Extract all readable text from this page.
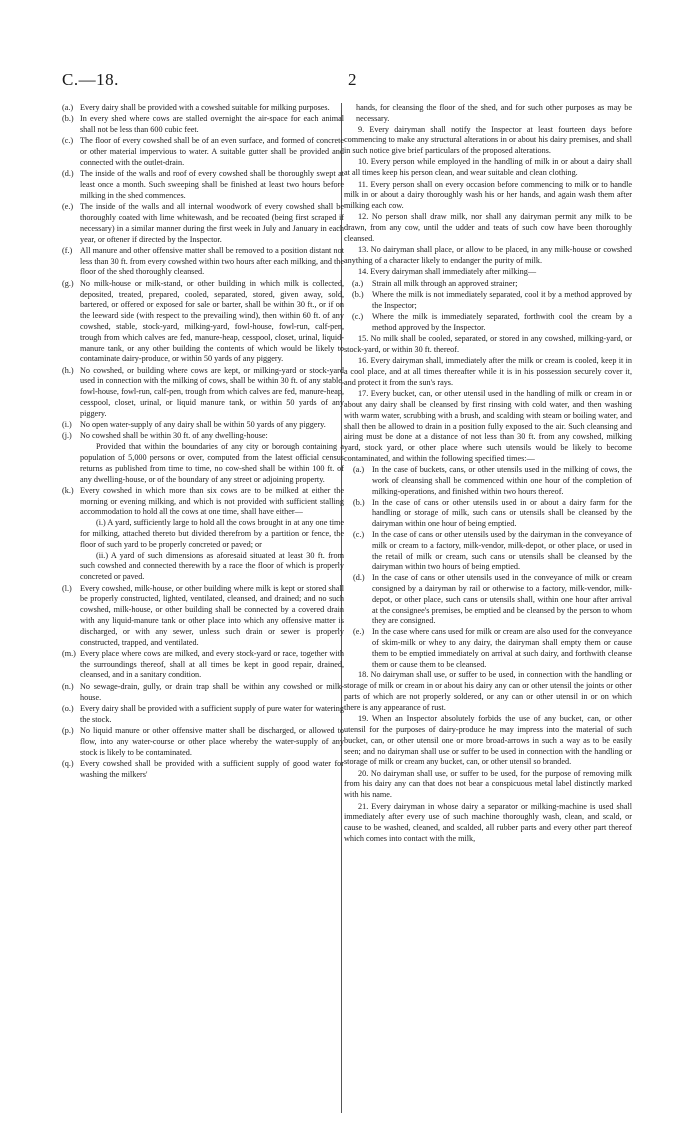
C.—18.	2
(a.) Every dairy shall be provided with a cowshed suitable for milking purposes.
(b.) In every shed where cows are stalled overnight the air-space for each animal shall not be less than 600 cubic feet.
(c.) The floor of every cowshed shall be of an even surface, and formed of concrete or other material impervious to water. A suitable gutter shall be provided and connected with the outlet-drain.
(d.) The inside of the walls and roof of every cowshed shall be thoroughly swept at least once a month. Such sweeping shall be finished at least two hours before milking in the shed commences.
(e.) The inside of the walls and all internal woodwork of every cowshed shall be thoroughly coated with lime whitewash, and be recoated (being first scraped if necessary) in a similar manner during the first week in July and January in each year, or oftener if directed by the Inspector.
(f.) All manure and other offensive matter shall be removed to a position distant not less than 30 ft. from every cowshed within two hours after each milking, and the floor of the shed thoroughly cleansed.
(g.) No milk-house or milk-stand, or other building in which milk is collected, deposited, treated, prepared, cooled, separated, stored, given away, sold, bartered, or offered or exposed for sale or barter, shall be within 30 ft., or if on the leeward side (with respect to the prevailing wind), then within 60 ft. of any cowshed, stable, stock-yard, milking-yard, fowl-house, fowl-run, calf-pen, trough from which calves are fed, manure-heap, cesspool, closet, urinal, liquid-manure tank, or any other building the contents of which would be likely to contaminate dairy-produce, or within 50 yards of any piggery.
(h.) No cowshed, or building where cows are kept, or milking-yard or stock-yard used in connection with the milking of cows, shall be within 30 ft. of any stable, fowl-house, fowl-run, calf-pen, trough from which calves are fed, manure-heap, cesspool, closet, urinal, or liquid manure tank, or within 50 yards of any piggery.
(i.) No open water-supply of any dairy shall be within 50 yards of any piggery.
(j.) No cowshed shall be within 30 ft. of any dwelling-house:
Provided that within the boundaries of any city or borough containing a population of 5,000 persons or over, computed from the latest official census returns as published from time to time, no cow-shed shall be within 100 ft. of any dwelling-house, or of the boundary of any street or adjoining property.
(k.) Every cowshed in which more than six cows are to be milked at either the morning or evening milking, and which is not provided with sufficient stalling accommodation to hold all the cows at one time, shall have either—
(i.) A yard, sufficiently large to hold all the cows brought in at any one time for milking, attached thereto but divided therefrom by a partition or fence, the floor of such yard to be properly concreted or paved; or
(ii.) A yard of such dimensions as aforesaid situated at least 30 ft. from such cowshed and connected therewith by a race the floor of which is properly concreted or paved.
(l.) Every cowshed, milk-house, or other building where milk is kept or stored shall be properly constructed, lighted, ventilated, cleansed, and drained; and no such cowshed, milk-house, or other building shall be connected by a covered drain with any liquid-manure tank or other place into which any offensive matter is discharged, or with any sewer, unless such drain or sewer is properly constructed, trapped, and ventilated.
(m.) Every place where cows are milked, and every stock-yard or race, together with the surroundings thereof, shall at all times be kept in good repair, drained, cleansed, and in a sanitary condition.
(n.) No sewage-drain, gully, or drain trap shall be within any cowshed or milk-house.
(o.) Every dairy shall be provided with a sufficient supply of pure water for watering the stock.
(p.) No liquid manure or other offensive matter shall be discharged, or allowed to flow, into any water-course or other place whereby the water-supply of any stock is likely to be contaminated.
(q.) Every cowshed shall be provided with a sufficient supply of good water for washing the milkers'
hands, for cleansing the floor of the shed, and for such other purposes as may be necessary.
9. Every dairyman shall notify the Inspector at least fourteen days before commencing to make any structural alterations in or about his dairy premises, and shall in such notice give brief particulars of the proposed alterations.
10. Every person while employed in the handling of milk in or about a dairy shall at all times keep his person clean, and wear suitable and clean clothing.
11. Every person shall on every occasion before commencing to milk or to handle milk in or about a dairy thoroughly wash his or her hands, and again wash them after milking each cow.
12. No person shall draw milk, nor shall any dairyman permit any milk to be drawn, from any cow, until the udder and teats of such cow have been thoroughly cleansed.
13. No dairyman shall place, or allow to be placed, in any milk-house or cowshed anything of a character likely to endanger the purity of milk.
14. Every dairyman shall immediately after milking—
(a.) Strain all milk through an approved strainer;
(b.) Where the milk is not immediately separated, cool it by a method approved by the Inspector;
(c.) Where the milk is immediately separated, forthwith cool the cream by a method approved by the Inspector.
15. No milk shall be cooled, separated, or stored in any cowshed, milking-yard, or stock-yard, or within 30 ft. thereof.
16. Every dairyman shall, immediately after the milk or cream is cooled, keep it in a cool place, and at all times thereafter while it is in his possession securely cover it, and protect it from the sun's rays.
17. Every bucket, can, or other utensil used in the handling of milk or cream in or about any dairy shall be cleansed by first rinsing with cold water, and then washing with warm water, scrubbing with a brush, and scalding with steam or boiling water, and shall then be allowed to drain in a position fully exposed to the air. Such cleansing and airing must be done at a distance of not less than 30 ft. from any cowshed, milking yard, stock yard, or other place where such utensils would be likely to become contaminated, and within the following specified times:—
(a.) In the case of buckets, cans, or other utensils used in the milking of cows, the work of cleansing shall be commenced within one hour of the completion of milking-operations, and finished within two hours thereof.
(b.) In the case of cans or other utensils used in or about a dairy farm for the handling or storage of milk, such cans or utensils shall be cleansed by the dairyman within one hour of being emptied.
(c.) In the case of cans or other utensils used by the dairyman in the conveyance of milk or cream to a factory, milk-vendor, milk-depot, or other place, or used in the retail of milk or cream, such cans or utensils shall be cleansed by the dairyman within two hours of being emptied.
(d.) In the case of cans or other utensils used in the conveyance of milk or cream consigned by a dairyman by rail or otherwise to a factory, milk-vendor, milk-depot, or other place, such cans or utensils shall, within one hour after arrival at the consignee's premises, be emptied and be cleansed by the person to whom they are consigned.
(e.) In the case where cans used for milk or cream are also used for the conveyance of skim-milk or whey to any dairy, the dairyman shall empty them or cause them to be emptied immediately on arrival at such dairy, and forthwith cleanse them or cause them to be cleansed.
18. No dairyman shall use, or suffer to be used, in connection with the handling or storage of milk or cream in or about his dairy any can or other utensil the joints or other parts of which are not properly soldered, or any can or other utensil in or on which there is any appearance of rust.
19. When an Inspector absolutely forbids the use of any bucket, can, or other utensil for the purposes of dairy-produce he may impress into the material of such bucket, can, or other utensil one or more broad-arrows in such a way as to be easily seen; and no dairyman shall use or suffer to be used in connection with the handling or storage of milk or cream any bucket, can, or other utensil so branded.
20. No dairyman shall use, or suffer to be used, for the purpose of removing milk from his dairy any can that does not bear a conspicuous metal label distinctly marked with his name.
21. Every dairyman in whose dairy a separator or milking-machine is used shall immediately after every use of such machine thoroughly wash, clean, and scald, or cause to be washed, cleaned, and scalded, all rubber parts and every other part thereof which comes into contact with the milk,
